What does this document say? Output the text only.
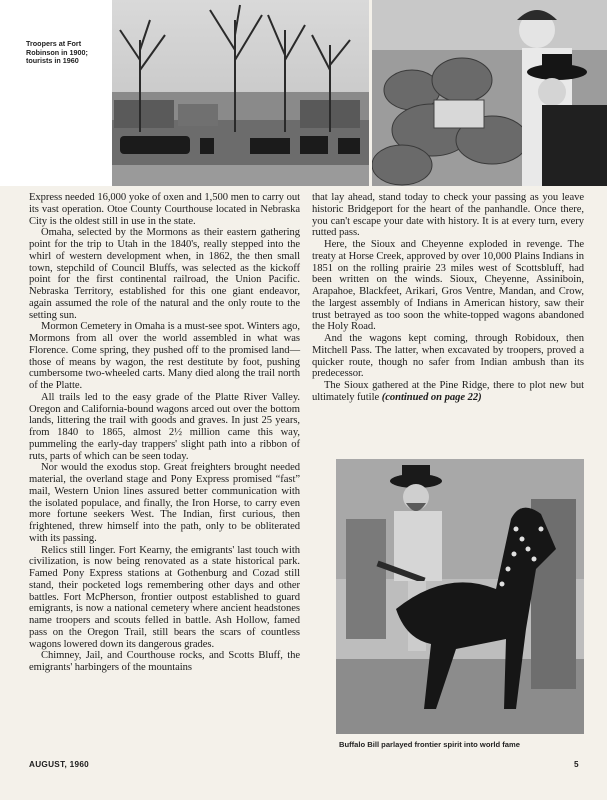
Troopers at Fort Robinson in 1900; tourists in 1960

Express needed 16,000 yoke of oxen and 1,500 men to carry out its vast operation. Otoe County Courthouse located in Nebraska City is the oldest still in use in the state.

Omaha, selected by the Mormons as their eastern gathering point for the trip to Utah in the 1840's, really stepped into the whirl of western development when, in 1862, the then small town, stepchild of Council Bluffs, was selected as the kickoff point for the first continental railroad, the Union Pacific. Nebraska Territory, established for this one giant endeavor, again assumed the role of the natural and the only route to the setting sun.

Mormon Cemetery in Omaha is a must-see spot. Winters ago, Mormons from all over the world assembled in what was Florence. Come spring, they pushed off to the promised land—those of means by wagon, the rest destitute by foot, pushing cumbersome two-wheeled carts. Many died along the trail north of the Platte.

All trails led to the easy grade of the Platte River Valley. Oregon and California-bound wagons arced out over the bottom lands, littering the trail with goods and graves. In just 25 years, from 1840 to 1865, almost 2½ million came this way, pummeling the early-day trappers' slight path into a ribbon of ruts, parts of which can be seen today.

Nor would the exodus stop. Great freighters brought needed material, the overland stage and Pony Express promised “fast” mail, Western Union lines assured better communication with the isolated populace, and finally, the Iron Horse, to carry even more fortune seekers West. The Indian, first curious, then frightened, threw himself into the path, only to be obliterated with its passing.

Relics still linger. Fort Kearny, the emigrants' last touch with civilization, is now being renovated as a state historical park. Famed Pony Express stations at Gothenburg and Cozad still stand, their pocketed logs remembering other days and other battles. Fort McPherson, frontier outpost established to guard emigrants, is now a national cemetery where ancient headstones name troopers and scouts felled in battle. Ash Hollow, famed pass on the Oregon Trail, still bears the scars of countless wagons lowered down its dangerous grades.

Chimney, Jail, and Courthouse rocks, and Scotts Bluff, the emigrants' harbingers of the mountains

that lay ahead, stand today to check your passing as you leave historic Bridgeport for the heart of the panhandle. Once there, you can't escape your date with history. It is at every turn, every rutted pass.

Here, the Sioux and Cheyenne exploded in revenge. The treaty at Horse Creek, approved by over 10,000 Plains Indians in 1851 on the rolling prairie 23 miles west of Scottsbluff, had been written on the winds. Sioux, Cheyenne, Assiniboin, Arapahoe, Blackfeet, Arikari, Gros Ventre, Mandan, and Crow, the largest assembly of Indians in American history, saw their trust betrayed as too soon the white-topped wagons abandoned the Holy Road.

And the wagons kept coming, through Robidoux, then Mitchell Pass. The latter, when excavated by troopers, proved a quicker route, though no safer from Indian ambush than its predecessor.

The Sioux gathered at the Pine Ridge, there to plot new but ultimately futile (continued on page 22)

Buffalo Bill parlayed frontier spirit into world fame
AUGUST, 1960	5
